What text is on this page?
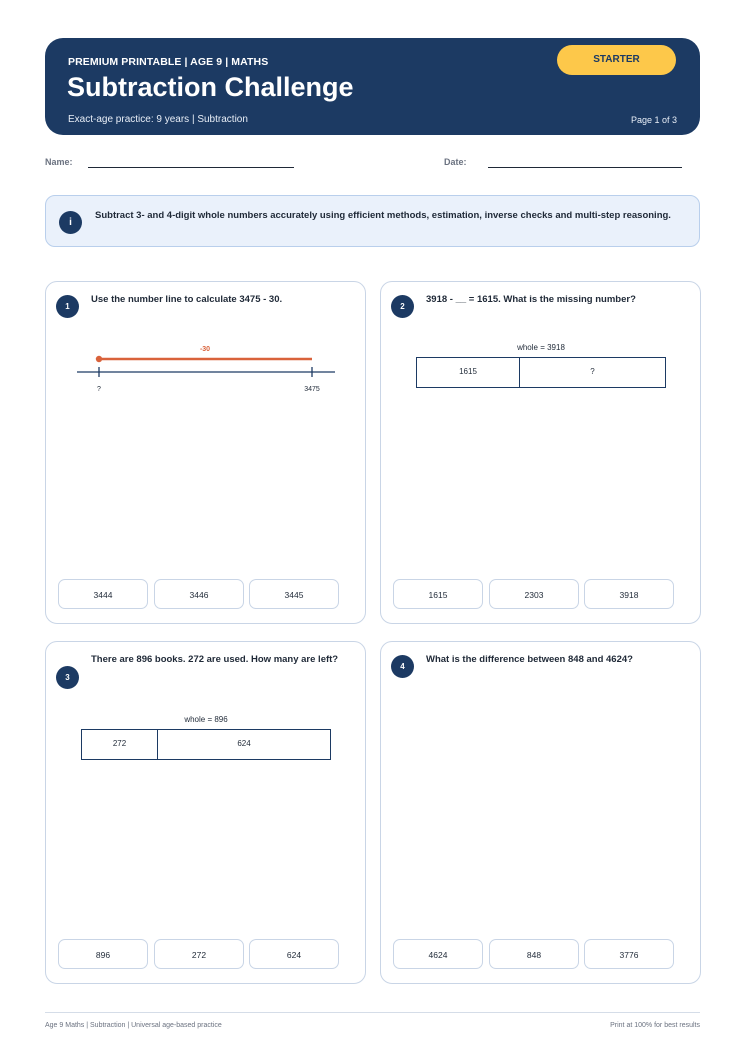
PREMIUM PRINTABLE | AGE 9 | MATHS
Subtraction Challenge
Exact-age practice: 9 years | Subtraction	Page 1 of 3
STARTER
Name:	Date:
i
Subtract 3- and 4-digit whole numbers accurately using efficient methods, estimation, inverse checks and multi-step reasoning.
1
Use the number line to calculate 3475 - 30.
-30
?	3475
3444	3446	3445
2
3918 - __ = 1615. What is the missing number?
whole = 3918
1615	?
1615	2303	3918
3
There are 896 books. 272 are used. How many are left?
whole = 896
272	624
896	272	624
4
What is the difference between 848 and 4624?
4624	848	3776
Age 9 Maths | Subtraction | Universal age-based practice	Print at 100% for best results
